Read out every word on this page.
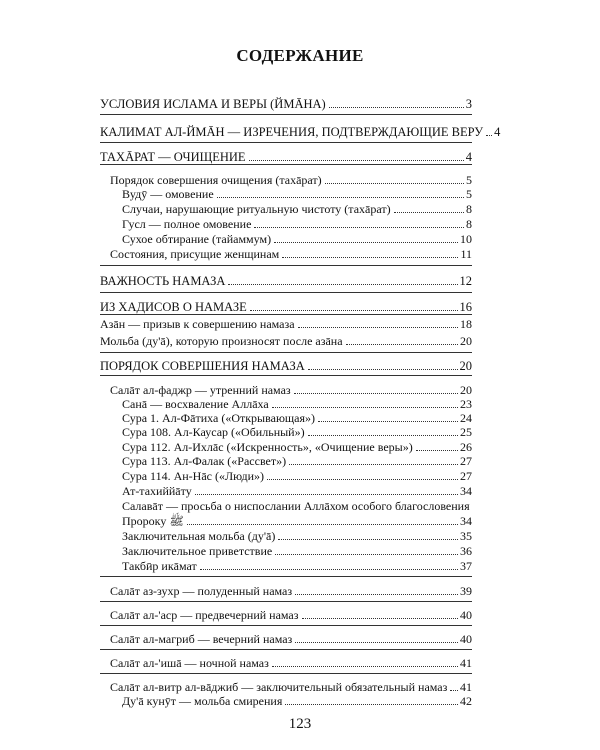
СОДЕРЖАНИЕ
УСЛОВИЯ ИСЛАМА И ВЕРЫ (ЙМĀНА)	3
КАЛИМАТ АЛ-ЙМĀН — ИЗРЕЧЕНИЯ, ПОДТВЕРЖДАЮЩИЕ ВЕРУ 4
ТАХĀРАТ — ОЧИЩЕНИЕ	4
Порядок совершения очищения (тахāрат)	5
Вудӯ — омовение	5
Случаи, нарушающие ритуальную чистоту (тахāрат)	8
Гусл — полное омовение	8
Сухое обтирание (тайаммум)	10
Состояния, присущие женщинам	11
ВАЖНОСТЬ НАМАЗА	12
ИЗ ХАДИСОВ О НАМАЗЕ	16
Азāн — призыв к совершению намаза	18
Мольба (ду'ā), которую произносят после азāна	20
ПОРЯДОК СОВЕРШЕНИЯ НАМАЗА	20
Салāт ал-фаджр — утренний намаз	20
Санā — восхваление Аллāха	23
Сура 1. Ал-Фāтиха («Открывающая»)	24
Сура 108. Ал-Каусар («Обильный»)	25
Сура 112. Ал-Ихлāс («Искренность», «Очищение веры»)	26
Сура 113. Ал-Фалак («Рассвет»)	27
Сура 114. Ан-Нāс («Люди»)	27
Ат-тахиййāту	34
Салавāт — просьба о ниспослании Аллāхом особого благословения
Пророку ﷺ	34
Заключительная мольба (ду'ā)	35
Заключительное приветствие	36
Такбӣр икāмат	37
Салāт аз-зухр — полуденный намаз	39
Салāт ал-'аср — предвечерний намаз	40
Салāт ал-магриб — вечерний намаз	40
Салāт ал-'ишā — ночной намаз	41
Салāт ал-витр ал-вāджиб — заключительный обязательный намаз 41
Ду'ā кунӯт — мольба смирения	42
123
